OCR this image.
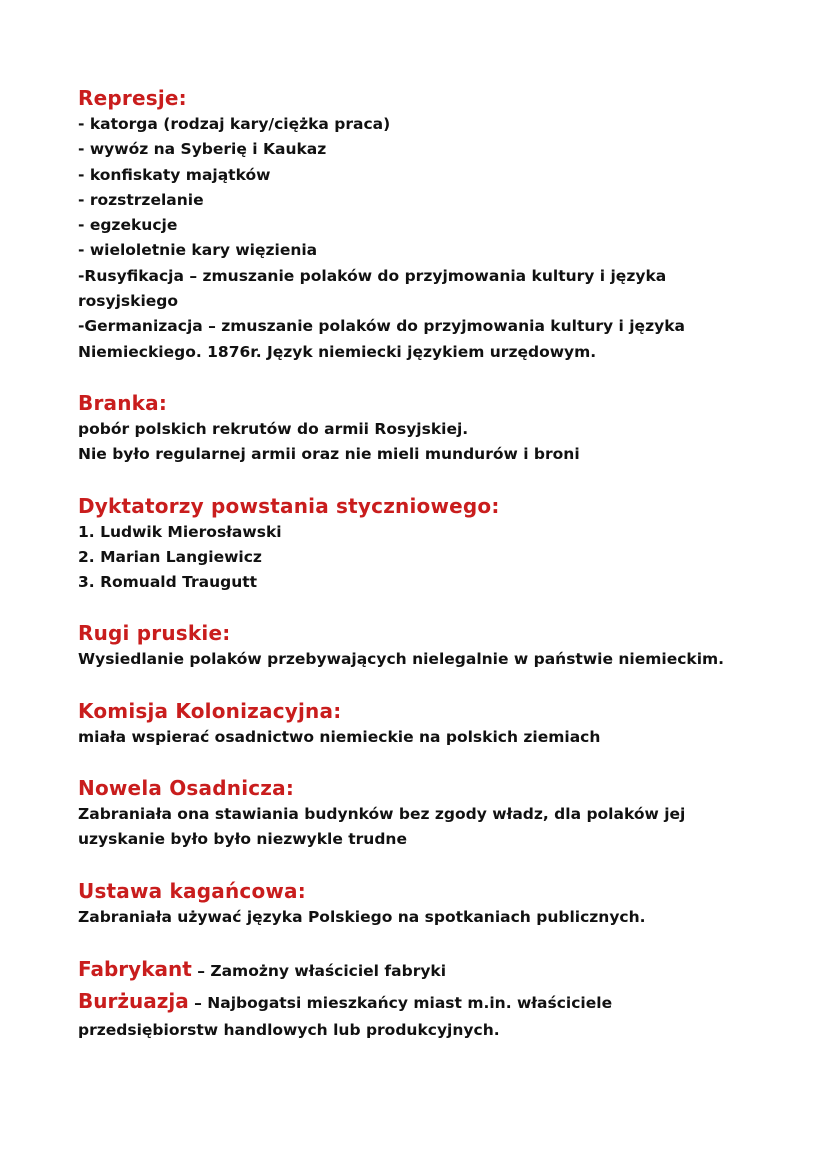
Represje:

- katorga (rodzaj kary/ciężka praca)

- wywóz na Syberię i Kaukaz

- konfiskaty majątków

- rozstrzelanie

- egzekucje

- wieloletnie kary więzienia

-Rusyfikacja – zmuszanie polaków do przyjmowania kultury i języka rosyjskiego

-Germanizacja – zmuszanie polaków do przyjmowania kultury i języka Niemieckiego. 1876r. Język niemiecki językiem urzędowym.

Branka:

pobór polskich rekrutów do armii Rosyjskiej.

Nie było regularnej armii oraz nie mieli mundurów i broni

Dyktatorzy powstania styczniowego:

1. Ludwik Mierosławski

2. Marian Langiewicz

3. Romuald Traugutt

Rugi pruskie:

Wysiedlanie polaków przebywających nielegalnie w państwie niemieckim.

Komisja Kolonizacyjna:

miała wspierać osadnictwo niemieckie na polskich ziemiach

Nowela Osadnicza:

Zabraniała ona stawiania budynków bez zgody władz, dla polaków jej uzyskanie było było niezwykle trudne

Ustawa kagańcowa:

Zabraniała używać języka Polskiego na spotkaniach publicznych.

Fabrykant – Zamożny właściciel fabryki

Burżuazja – Najbogatsi mieszkańcy miast m.in. właściciele

przedsiębiorstw handlowych lub produkcyjnych.
